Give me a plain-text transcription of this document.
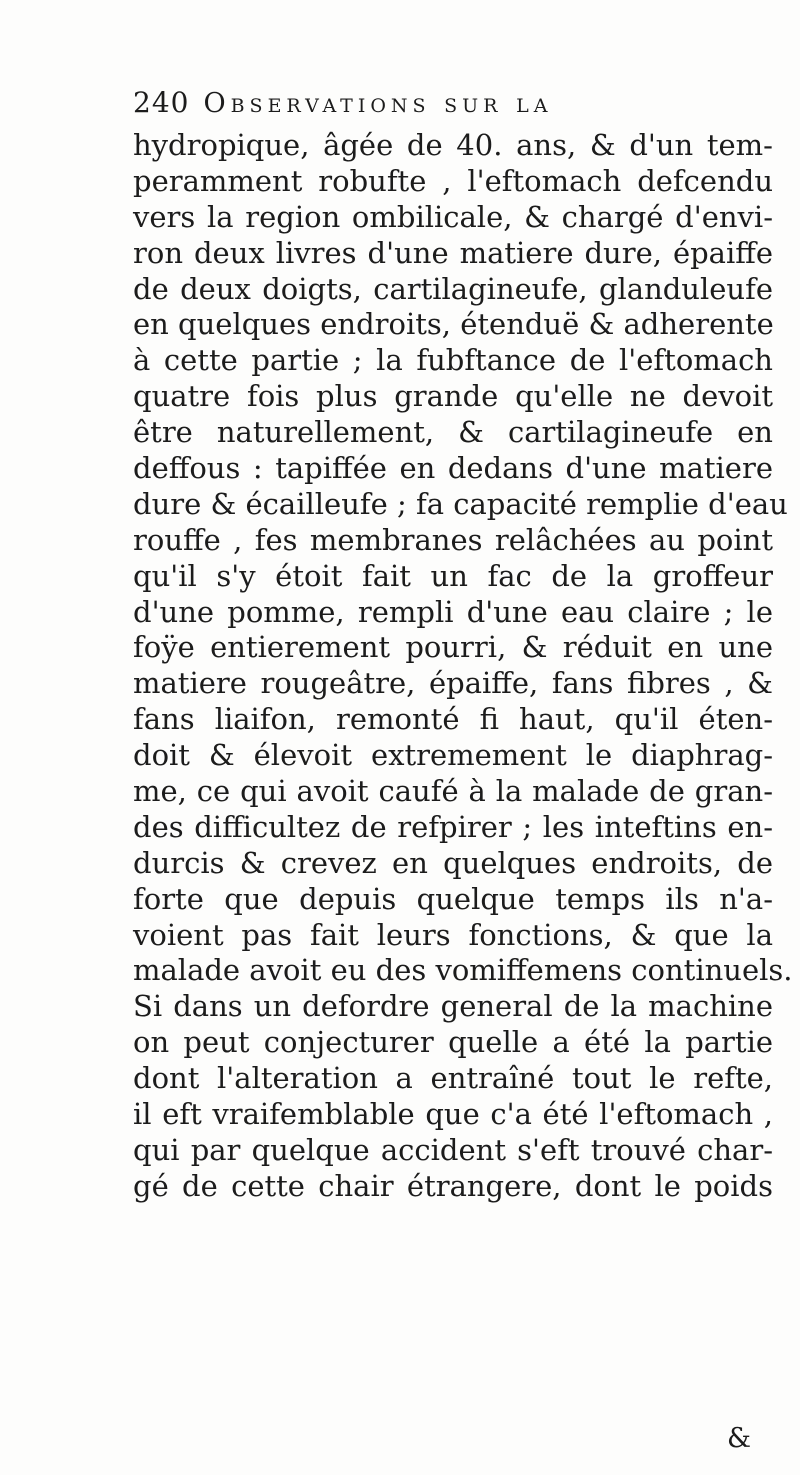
240 Observations sur la
hydropique, âgée de 40. ans, & d'un tem-
peramment robufte , l'eftomach defcendu
vers la region ombilicale, & chargé d'envi-
ron deux livres d'une matiere dure, épaiffe
de deux doigts, cartilagineufe, glanduleufe
en quelques endroits, étenduë & adherente
à cette partie ; la fubftance de l'eftomach
quatre fois plus grande qu'elle ne devoit
être naturellement, & cartilagineufe en
deffous : tapiffée en dedans d'une matiere
dure & écailleufe ; fa capacité remplie d'eau
rouffe , fes membranes relâchées au point
qu'il s'y étoit fait un fac de la groffeur
d'une pomme, rempli d'une eau claire ; le
foÿe entierement pourri, & réduit en une
matiere rougeâtre, épaiffe, fans fibres , &
fans liaifon, remonté fi haut, qu'il éten-
doit & élevoit extremement le diaphrag-
me, ce qui avoit caufé à la malade de gran-
des difficultez de refpirer ; les inteftins en-
durcis & crevez en quelques endroits, de
forte que depuis quelque temps ils n'a-
voient pas fait leurs fonctions, & que la
malade avoit eu des vomiffemens continuels.
Si dans un defordre general de la machine
on peut conjecturer quelle a été la partie
dont l'alteration a entraîné tout le refte,
il eft vraifemblable que c'a été l'eftomach ,
qui par quelque accident s'eft trouvé char-
gé de cette chair étrangere, dont le poids
&
